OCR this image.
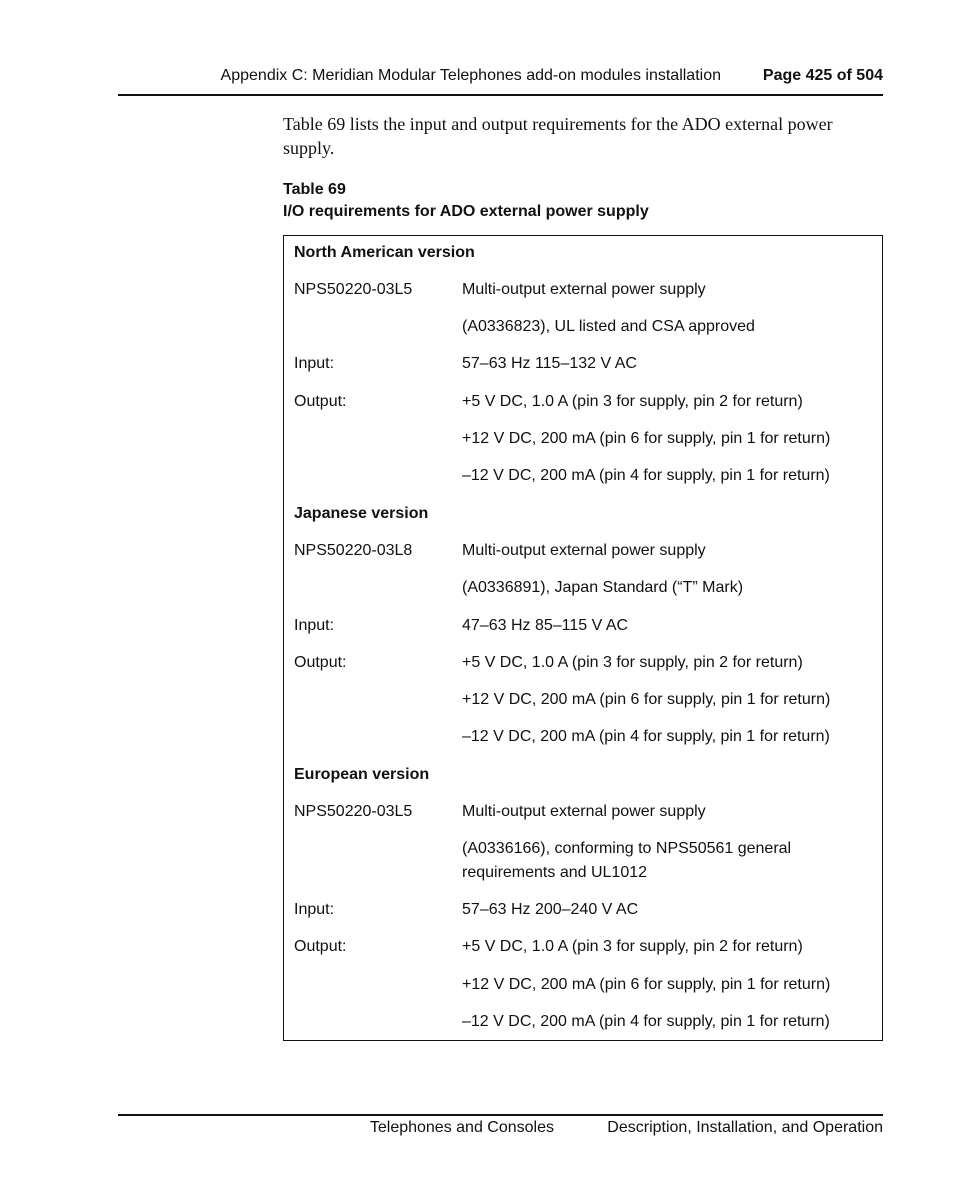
Appendix C: Meridian Modular Telephones add-on modules installation	Page 425 of 504

Table 69 lists the input and output requirements for the ADO external power supply.

Table 69
I/O requirements for ADO external power supply
North American version
NPS50220-03L5	Multi-output external power supply
(A0336823), UL listed and CSA approved
Input:	57–63 Hz 115–132 V AC
Output:	+5 V DC, 1.0 A (pin 3 for supply, pin 2 for return)
+12 V DC, 200 mA (pin 6 for supply, pin 1 for return)
–12 V DC, 200 mA (pin 4 for supply, pin 1 for return)
Japanese version
NPS50220-03L8	Multi-output external power supply
(A0336891), Japan Standard (“T” Mark)
Input:	47–63 Hz 85–115 V AC
Output:	+5 V DC, 1.0 A (pin 3 for supply, pin 2 for return)
+12 V DC, 200 mA (pin 6 for supply, pin 1 for return)
–12 V DC, 200 mA (pin 4 for supply, pin 1 for return)
European version
NPS50220-03L5	Multi-output external power supply
(A0336166), conforming to NPS50561 general requirements and UL1012
Input:	57–63 Hz 200–240 V AC
Output:	+5 V DC, 1.0 A (pin 3 for supply, pin 2 for return)
+12 V DC, 200 mA (pin 6 for supply, pin 1 for return)
–12 V DC, 200 mA (pin 4 for supply, pin 1 for return)
Telephones and Consoles	Description, Installation, and Operation
